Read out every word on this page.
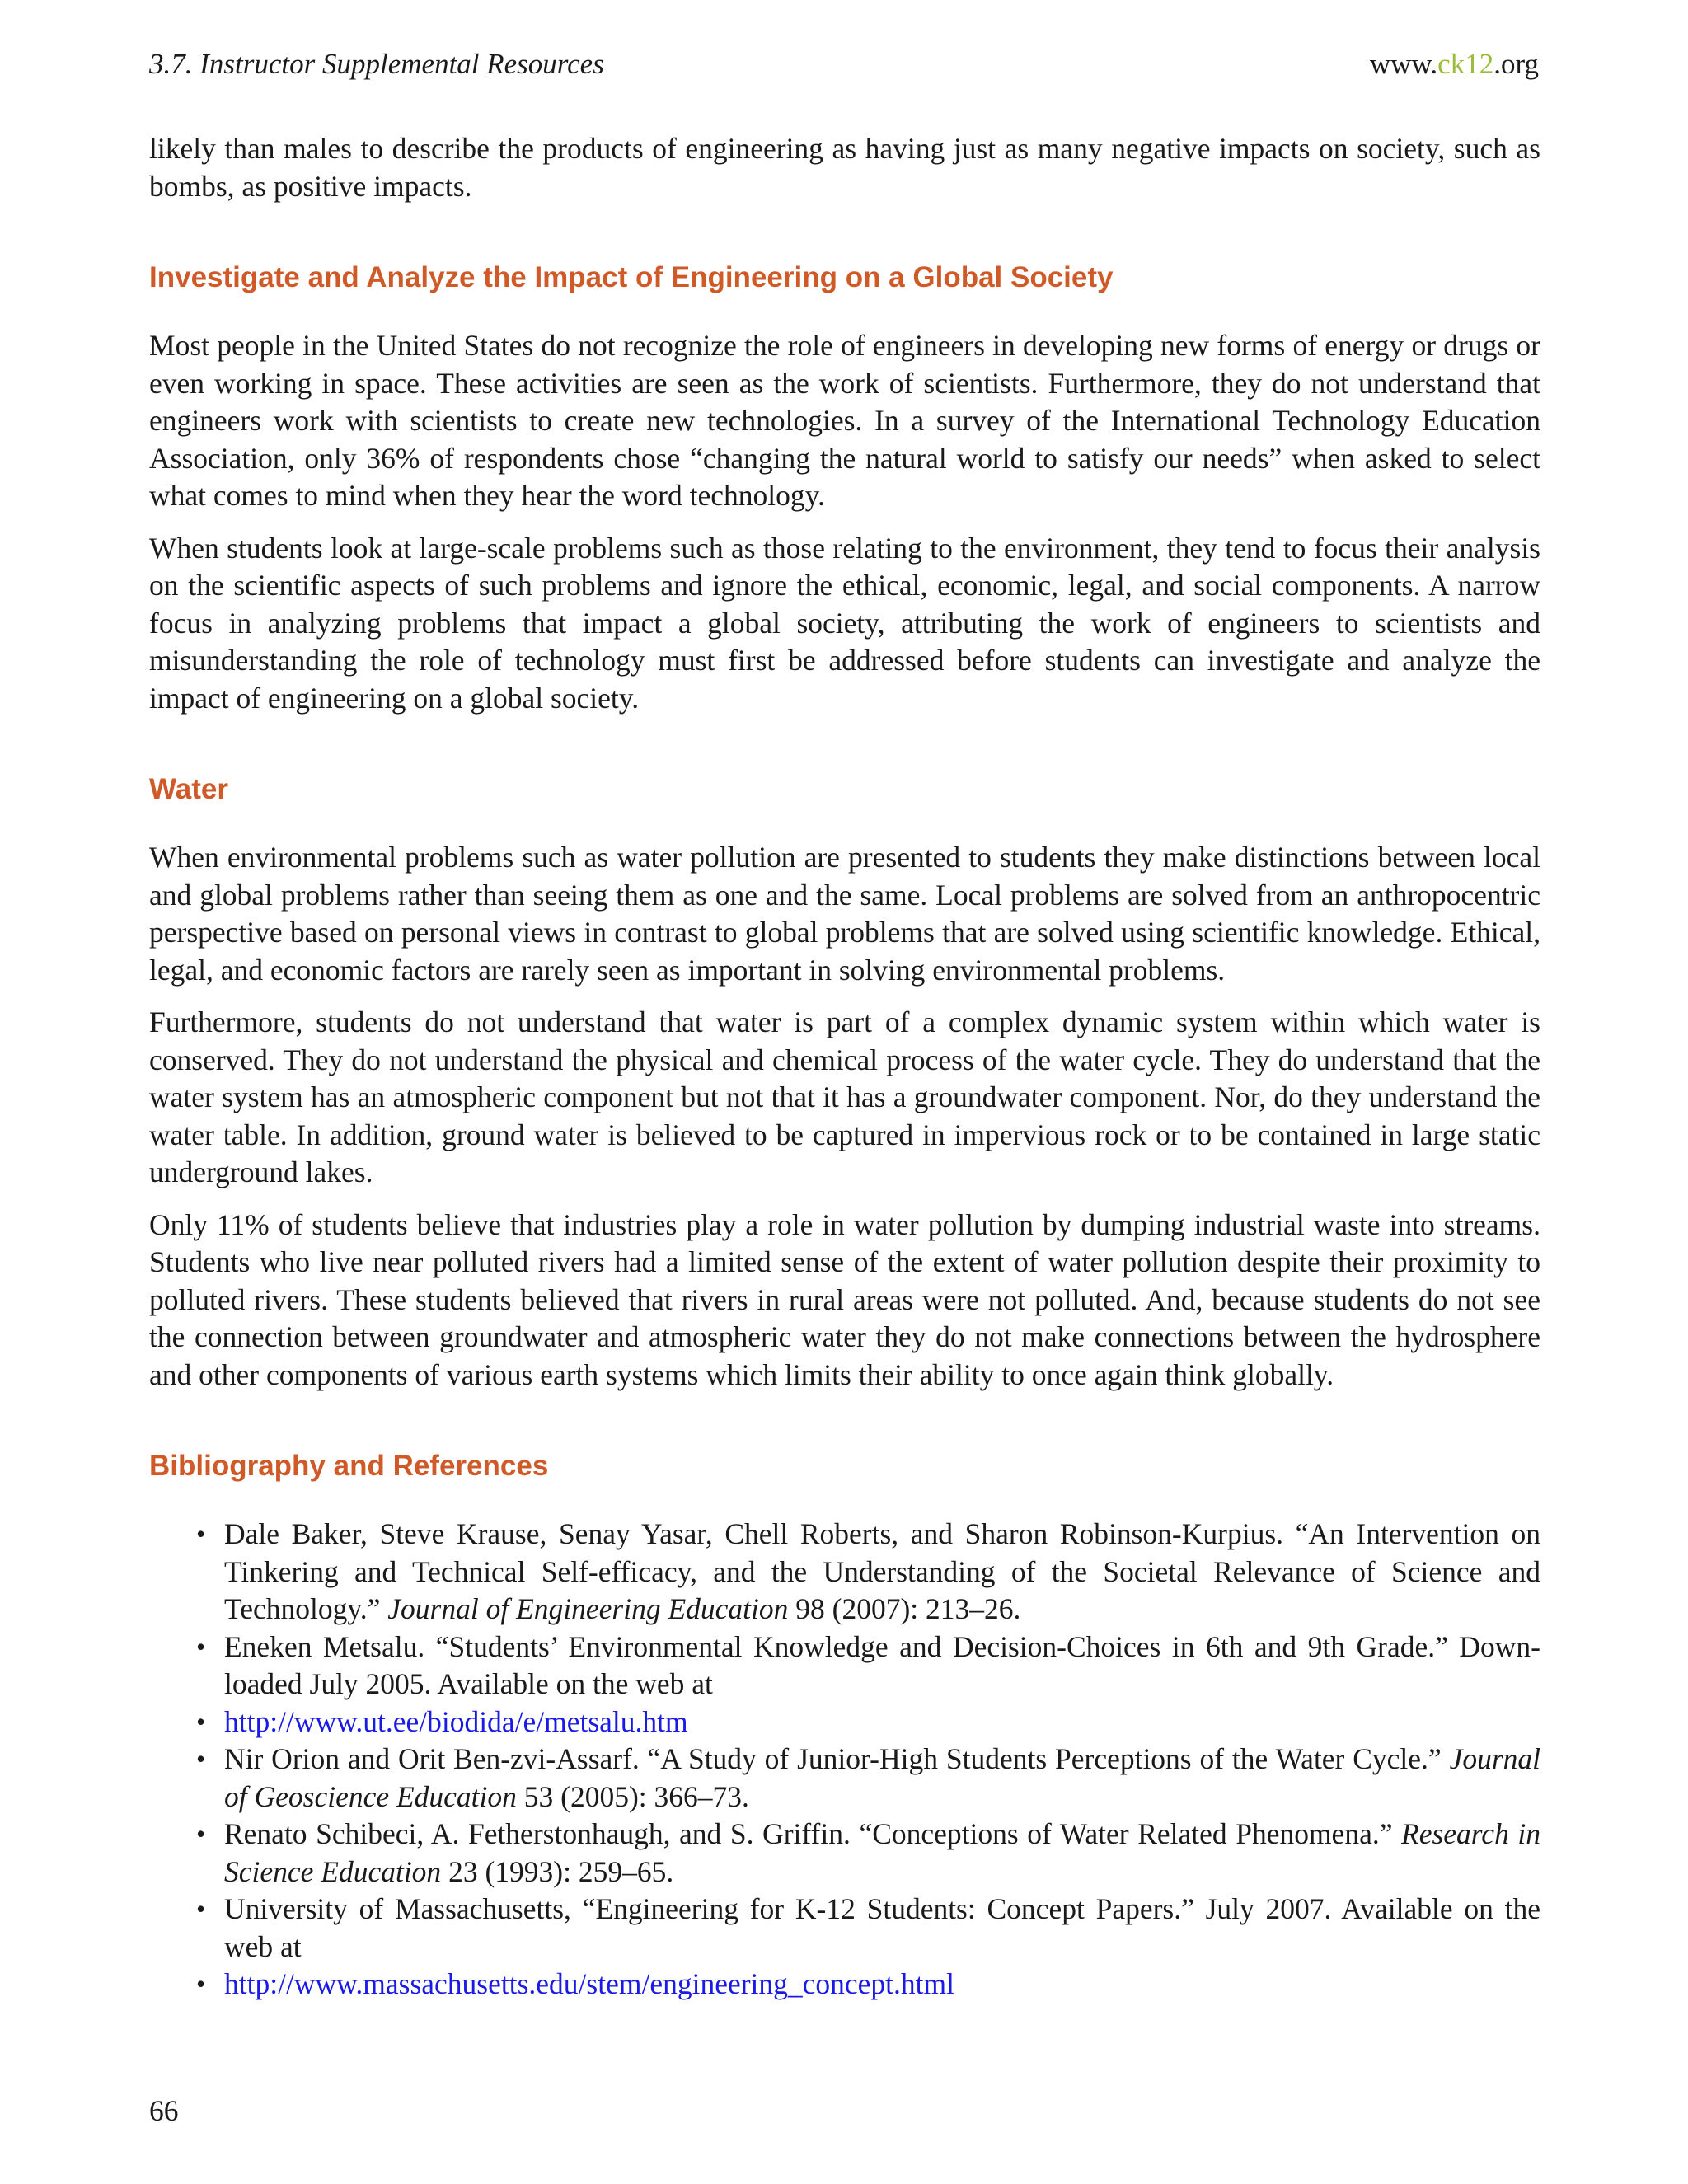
3.7. Instructor Supplemental Resources	www.ck12.org

likely than males to describe the products of engineering as having just as many negative impacts on society, such as bombs, as positive impacts.

Investigate and Analyze the Impact of Engineering on a Global Society

Most people in the United States do not recognize the role of engineers in developing new forms of energy or drugs or even working in space. These activities are seen as the work of scientists. Furthermore, they do not understand that engineers work with scientists to create new technologies. In a survey of the International Technology Education Association, only 36% of respondents chose “changing the natural world to satisfy our needs” when asked to select what comes to mind when they hear the word technology.

When students look at large-scale problems such as those relating to the environment, they tend to focus their analysis on the scientific aspects of such problems and ignore the ethical, economic, legal, and social components. A narrow focus in analyzing problems that impact a global society, attributing the work of engineers to scientists and misunderstanding the role of technology must first be addressed before students can investigate and analyze the impact of engineering on a global society.

Water

When environmental problems such as water pollution are presented to students they make distinctions between local and global problems rather than seeing them as one and the same. Local problems are solved from an anthropocentric perspective based on personal views in contrast to global problems that are solved using scientific knowledge. Ethical, legal, and economic factors are rarely seen as important in solving environmental problems.

Furthermore, students do not understand that water is part of a complex dynamic system within which water is conserved. They do not understand the physical and chemical process of the water cycle. They do understand that the water system has an atmospheric component but not that it has a groundwater component. Nor, do they understand the water table. In addition, ground water is believed to be captured in impervious rock or to be contained in large static underground lakes.

Only 11% of students believe that industries play a role in water pollution by dumping industrial waste into streams. Students who live near polluted rivers had a limited sense of the extent of water pollution despite their proximity to polluted rivers. These students believed that rivers in rural areas were not polluted. And, because students do not see the connection between groundwater and atmospheric water they do not make connections between the hydrosphere and other components of various earth systems which limits their ability to once again think globally.

Bibliography and References
• Dale Baker, Steve Krause, Senay Yasar, Chell Roberts, and Sharon Robinson-Kurpius. “An Intervention on Tinkering and Technical Self-efficacy, and the Understanding of the Societal Relevance of Science and Technology.” Journal of Engineering Education 98 (2007): 213–26.
• Eneken Metsalu. “Students’ Environmental Knowledge and Decision-Choices in 6th and 9th Grade.” Down-loaded July 2005. Available on the web at
• http://www.ut.ee/biodida/e/metsalu.htm
• Nir Orion and Orit Ben-zvi-Assarf. “A Study of Junior-High Students Perceptions of the Water Cycle.” Journal of Geoscience Education 53 (2005): 366–73.
• Renato Schibeci, A. Fetherstonhaugh, and S. Griffin. “Conceptions of Water Related Phenomena.” Research in Science Education 23 (1993): 259–65.
• University of Massachusetts, “Engineering for K-12 Students: Concept Papers.” July 2007. Available on the web at
• http://www.massachusetts.edu/stem/engineering_concept.html
66
